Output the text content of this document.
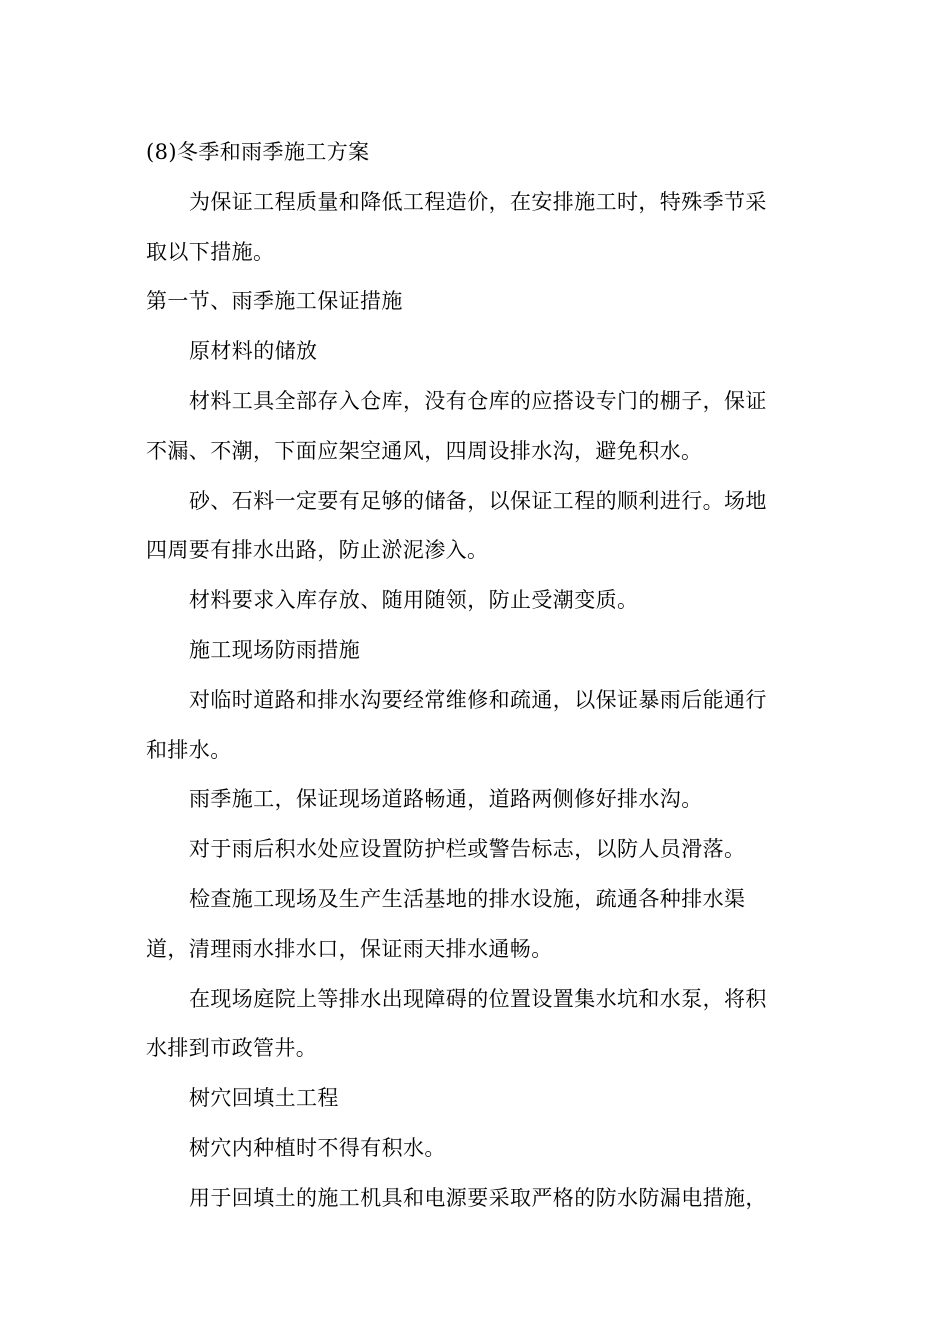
(8)冬季和雨季施工方案

为保证工程质量和降低工程造价，在安排施工时，特殊季节采

取以下措施。

第一节、雨季施工保证措施

原材料的储放

材料工具全部存入仓库，没有仓库的应搭设专门的棚子，保证

不漏、不潮，下面应架空通风，四周设排水沟，避免积水。

砂、石料一定要有足够的储备，以保证工程的顺利进行。场地

四周要有排水出路，防止淤泥渗入。

材料要求入库存放、随用随领，防止受潮变质。

施工现场防雨措施

对临时道路和排水沟要经常维修和疏通，以保证暴雨后能通行

和排水。

雨季施工，保证现场道路畅通，道路两侧修好排水沟。

对于雨后积水处应设置防护栏或警告标志，以防人员滑落。

检查施工现场及生产生活基地的排水设施，疏通各种排水渠

道，清理雨水排水口，保证雨天排水通畅。

在现场庭院上等排水出现障碍的位置设置集水坑和水泵，将积

水排到市政管井。

树穴回填土工程

树穴内种植时不得有积水。

用于回填土的施工机具和电源要采取严格的防水防漏电措施，
